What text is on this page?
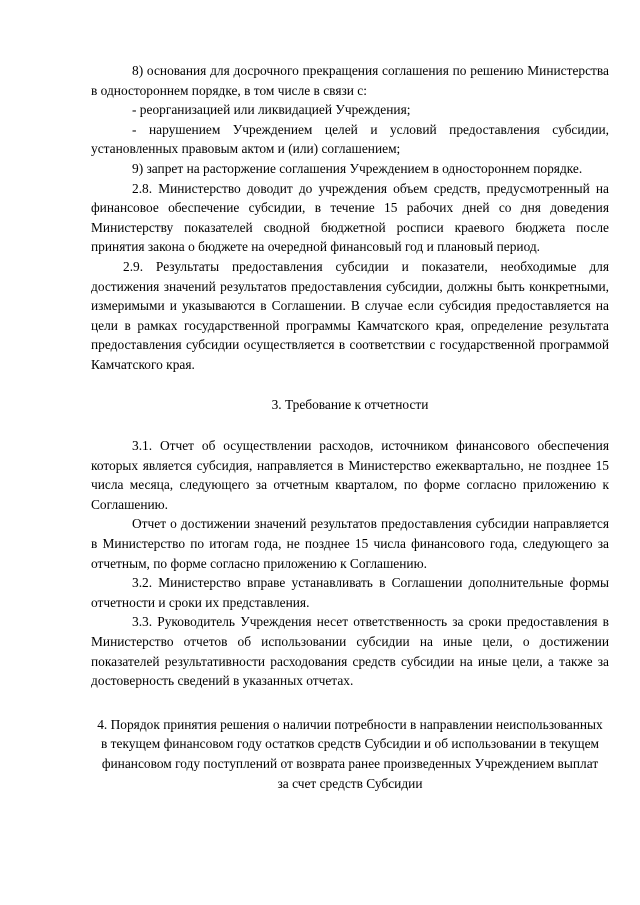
8) основания для досрочного прекращения соглашения по решению Министерства в одностороннем порядке, в том числе в связи с:

- реорганизацией или ликвидацией Учреждения;

- нарушением Учреждением целей и условий предоставления субсидии, установленных правовым актом и (или) соглашением;

9) запрет на расторжение соглашения Учреждением в одностороннем порядке.

2.8. Министерство доводит до учреждения объем средств, предусмотренный на финансовое обеспечение субсидии, в течение 15 рабочих дней со дня доведения Министерству показателей сводной бюджетной росписи краевого бюджета после принятия закона о бюджете на очередной финансовый год и плановый период.

2.9. Результаты предоставления субсидии и показатели, необходимые для достижения значений результатов предоставления субсидии, должны быть конкретными, измеримыми и указываются в Соглашении. В случае если субсидия предоставляется на цели в рамках государственной программы Камчатского края, определение результата предоставления субсидии осуществляется в соответствии с государственной программой Камчатского края.

3. Требование к отчетности

3.1. Отчет об осуществлении расходов, источником финансового обеспечения которых является субсидия, направляется в Министерство ежеквартально, не позднее 15 числа месяца, следующего за отчетным кварталом, по форме согласно приложению к Соглашению.

Отчет о достижении значений результатов предоставления субсидии направляется в Министерство по итогам года, не позднее 15 числа финансового года, следующего за отчетным, по форме согласно приложению к Соглашению.

3.2. Министерство вправе устанавливать в Соглашении дополнительные формы отчетности и сроки их представления.

3.3. Руководитель Учреждения несет ответственность за сроки предоставления в Министерство отчетов об использовании субсидии на иные цели, о достижении показателей результативности расходования средств субсидии на иные цели, а также за достоверность сведений в указанных отчетах.

4. Порядок принятия решения о наличии потребности в направлении неиспользованных в текущем финансовом году остатков средств Субсидии и об использовании в текущем финансовом году поступлений от возврата ранее произведенных Учреждением выплат за счет средств Субсидии
